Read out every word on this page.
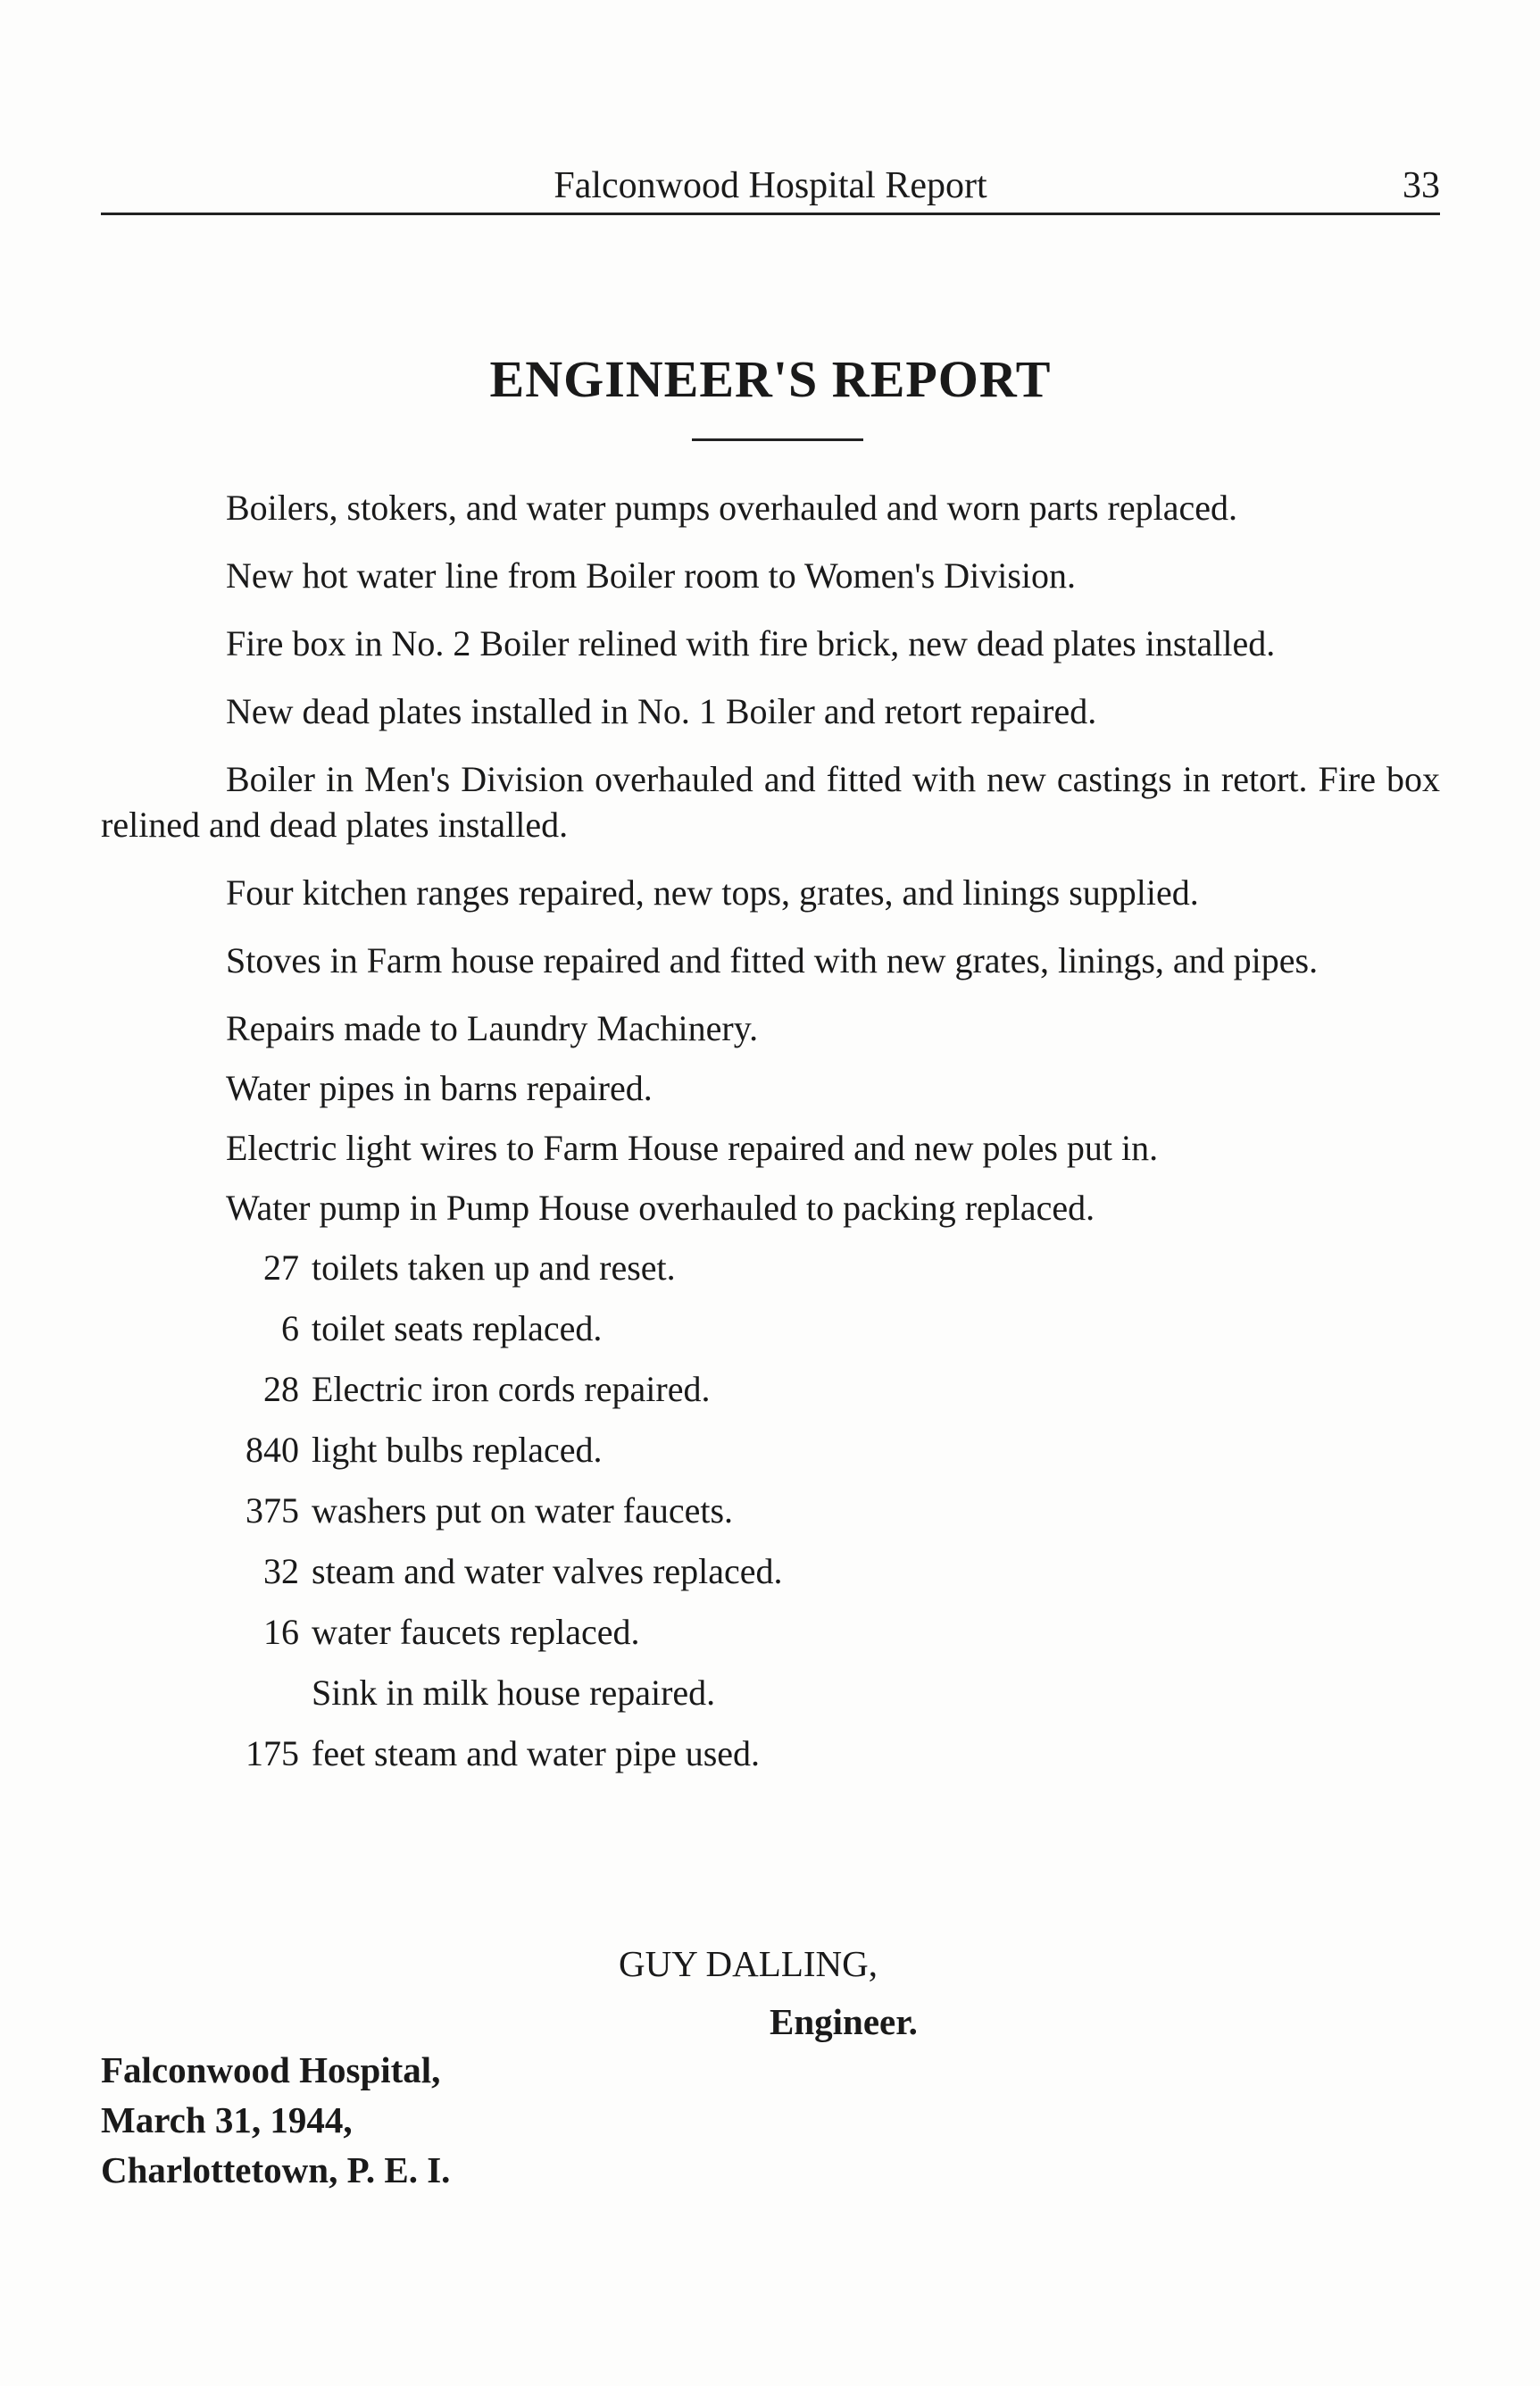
Falconwood Hospital Report	33
ENGINEER'S REPORT

Boilers, stokers, and water pumps overhauled and worn parts replaced.

New hot water line from Boiler room to Women's Division.

Fire box in No. 2 Boiler relined with fire brick, new dead plates installed.

New dead plates installed in No. 1 Boiler and retort repaired.

Boiler in Men's Division overhauled and fitted with new castings in retort. Fire box relined and dead plates installed.

Four kitchen ranges repaired, new tops, grates, and linings supplied.

Stoves in Farm house repaired and fitted with new grates, linings, and pipes.

Repairs made to Laundry Machinery.

Water pipes in barns repaired.

Electric light wires to Farm House repaired and new poles put in.

Water pump in Pump House overhauled to packing replaced.

27 toilets taken up and reset.
6 toilet seats replaced.
28 Electric iron cords repaired.
840 light bulbs replaced.
375 washers put on water faucets.
32 steam and water valves replaced.
16 water faucets replaced.
Sink in milk house repaired.
175 feet steam and water pipe used.
GUY DALLING,
Engineer.
Falconwood Hospital,
March 31, 1944,
Charlottetown, P. E. I.
